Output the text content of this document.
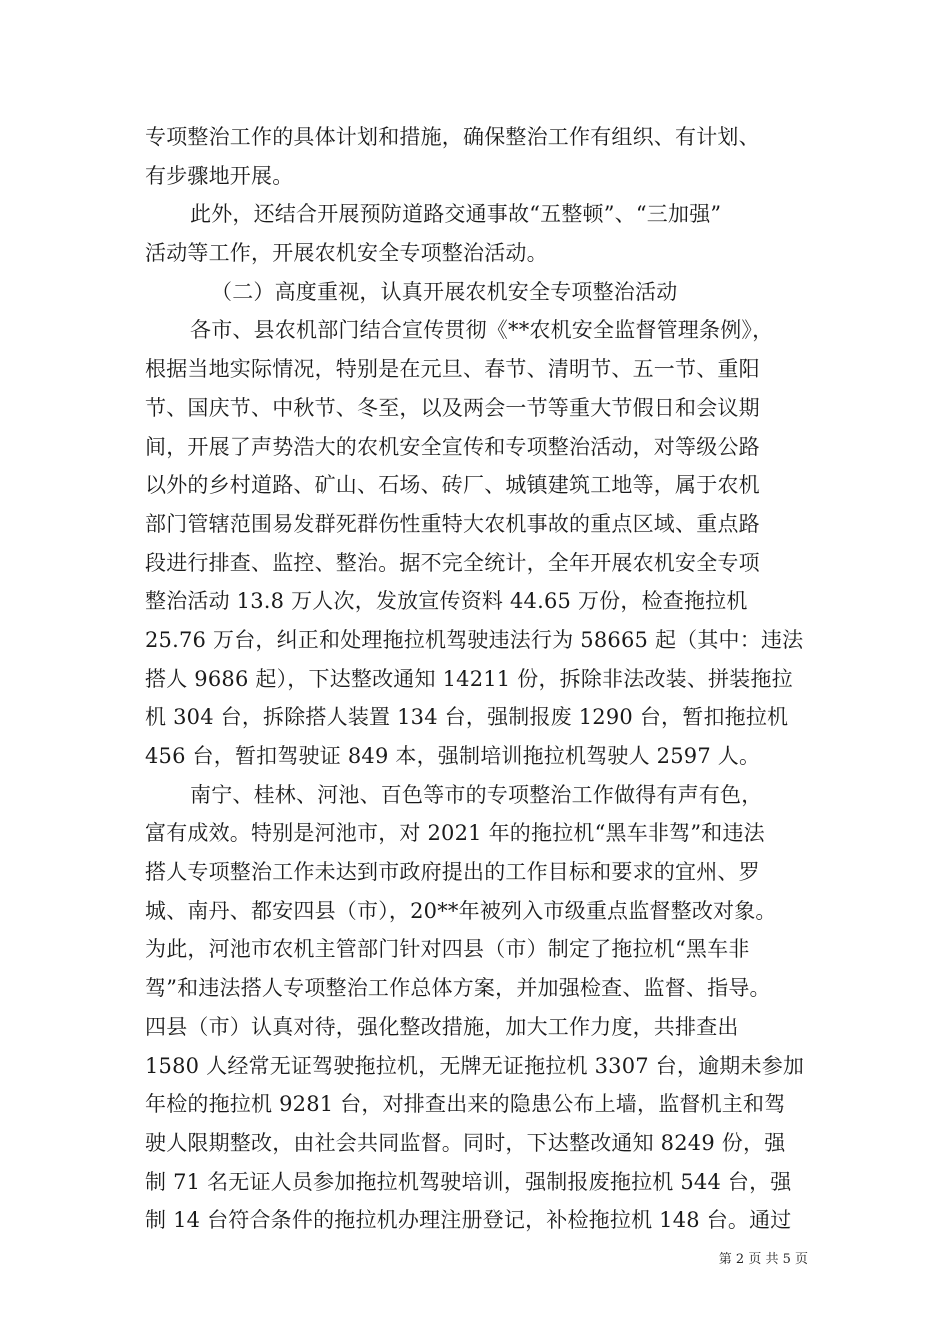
专项整治工作的具体计划和措施，确保整治工作有组织、有计划、
有步骤地开展。
此外，还结合开展预防道路交通事故“五整顿”、“三加强”
活动等工作，开展农机安全专项整治活动。
（二）高度重视，认真开展农机安全专项整治活动
各市、县农机部门结合宣传贯彻《**农机安全监督管理条例》，
根据当地实际情况，特别是在元旦、春节、清明节、五一节、重阳
节、国庆节、中秋节、冬至，以及两会一节等重大节假日和会议期
间，开展了声势浩大的农机安全宣传和专项整治活动，对等级公路
以外的乡村道路、矿山、石场、砖厂、城镇建筑工地等，属于农机
部门管辖范围易发群死群伤性重特大农机事故的重点区域、重点路
段进行排查、监控、整治。据不完全统计，全年开展农机安全专项
整治活动 13.8 万人次，发放宣传资料 44.65 万份，检查拖拉机
25.76 万台，纠正和处理拖拉机驾驶违法行为 58665 起（其中：违法
搭人 9686 起），下达整改通知 14211 份，拆除非法改装、拼装拖拉
机 304 台，拆除搭人装置 134 台，强制报废 1290 台，暂扣拖拉机
456 台，暂扣驾驶证 849 本，强制培训拖拉机驾驶人 2597 人。
南宁、桂林、河池、百色等市的专项整治工作做得有声有色，
富有成效。特别是河池市，对 2021 年的拖拉机“黑车非驾”和违法
搭人专项整治工作未达到市政府提出的工作目标和要求的宜州、罗
城、南丹、都安四县（市），20**年被列入市级重点监督整改对象。
为此，河池市农机主管部门针对四县（市）制定了拖拉机“黑车非
驾”和违法搭人专项整治工作总体方案，并加强检查、监督、指导。
四县（市）认真对待，强化整改措施，加大工作力度，共排查出
1580 人经常无证驾驶拖拉机，无牌无证拖拉机 3307 台，逾期未参加
年检的拖拉机 9281 台，对排查出来的隐患公布上墙，监督机主和驾
驶人限期整改，由社会共同监督。同时，下达整改通知 8249 份，强
制 71 名无证人员参加拖拉机驾驶培训，强制报废拖拉机 544 台，强
制 14 台符合条件的拖拉机办理注册登记，补检拖拉机 148 台。通过
第 2 页 共 5 页
